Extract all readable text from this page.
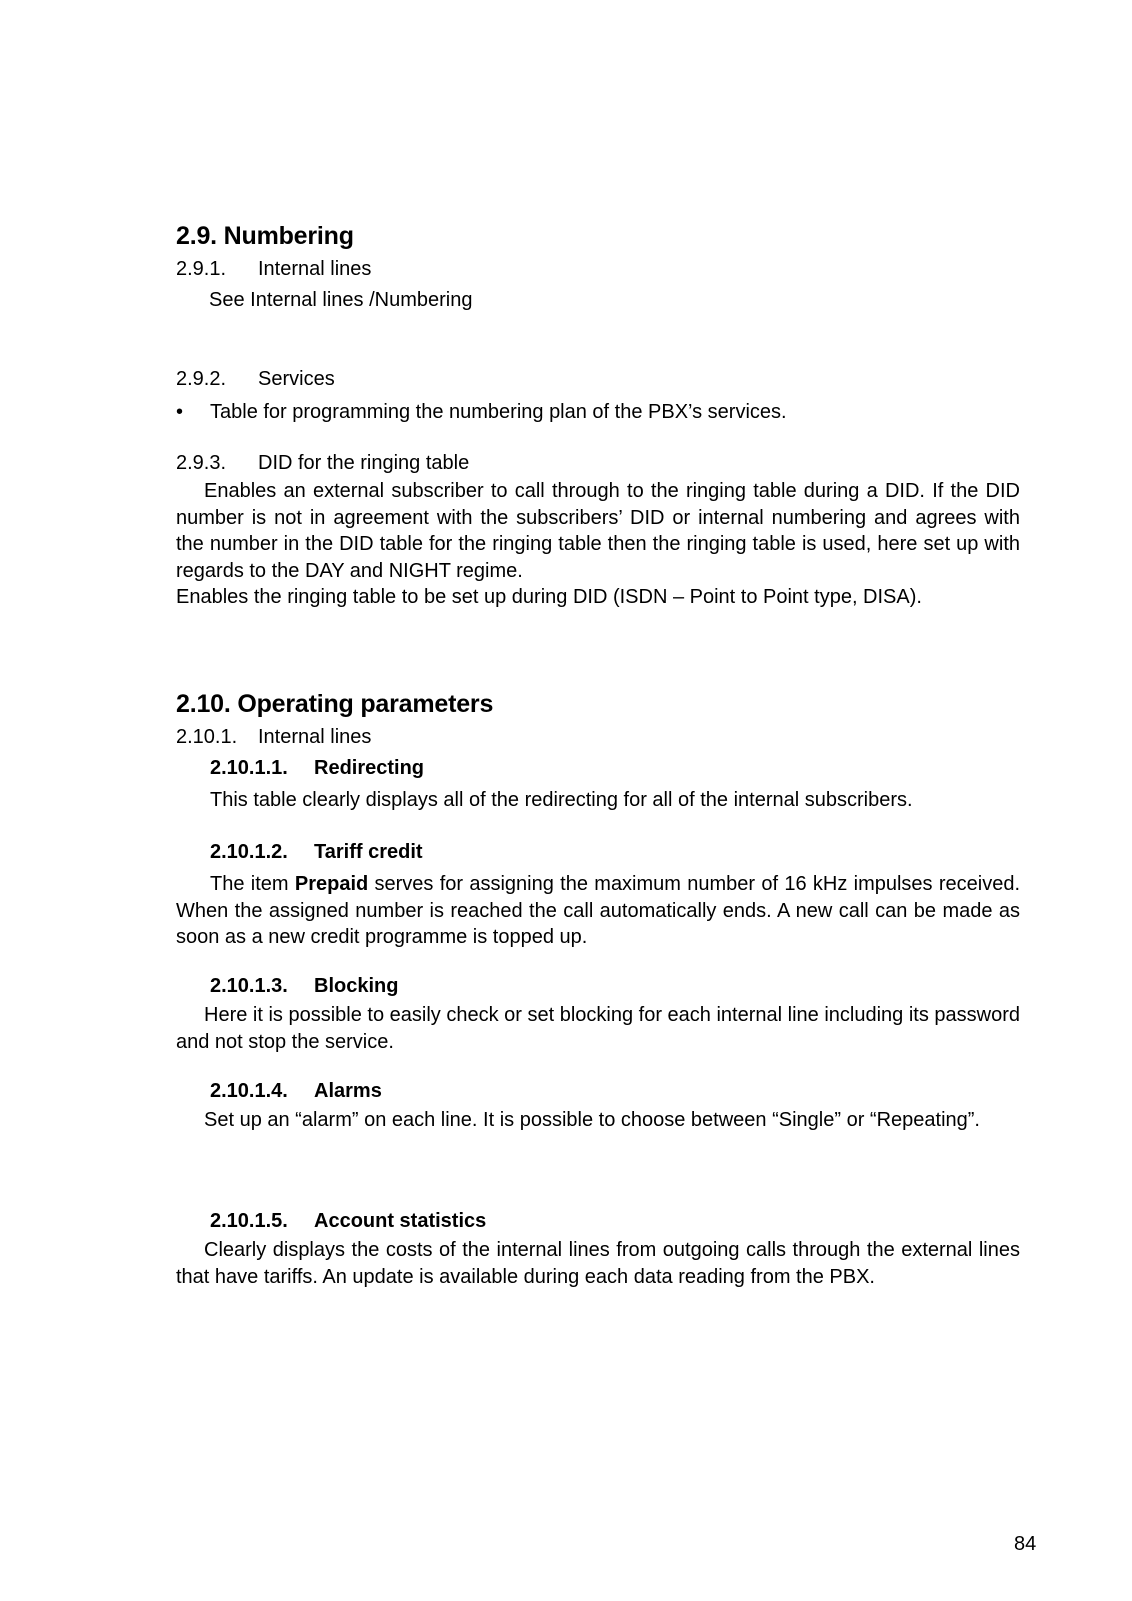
2.9. Numbering

2.9.1. Internal lines

See Internal lines /Numbering

2.9.2. Services

•	Table for programming the numbering plan of the PBX’s services.

2.9.3. DID for the ringing table

Enables an external subscriber to call through to the ringing table during a DID. If the DID number is not in agreement with the subscribers’ DID or internal numbering and agrees with the number in the DID table for the ringing table then the ringing table is used, here set up with regards to the DAY and NIGHT regime.

Enables the ringing table to be set up during DID (ISDN – Point to Point type, DISA).

2.10. Operating parameters

2.10.1. Internal lines

2.10.1.1. Redirecting

This table clearly displays all of the redirecting for all of the internal subscribers.

2.10.1.2. Tariff credit

The item Prepaid serves for assigning the maximum number of 16 kHz impulses received. When the assigned number is reached the call automatically ends. A new call can be made as soon as a new credit programme is topped up.

2.10.1.3. Blocking

Here it is possible to easily check or set blocking for each internal line including its password and not stop the service.

2.10.1.4. Alarms

Set up an “alarm” on each line. It is possible to choose between “Single” or “Repeating”.

2.10.1.5. Account statistics

Clearly displays the costs of the internal lines from outgoing calls through the external lines that have tariffs. An update is available during each data reading from the PBX.

84
